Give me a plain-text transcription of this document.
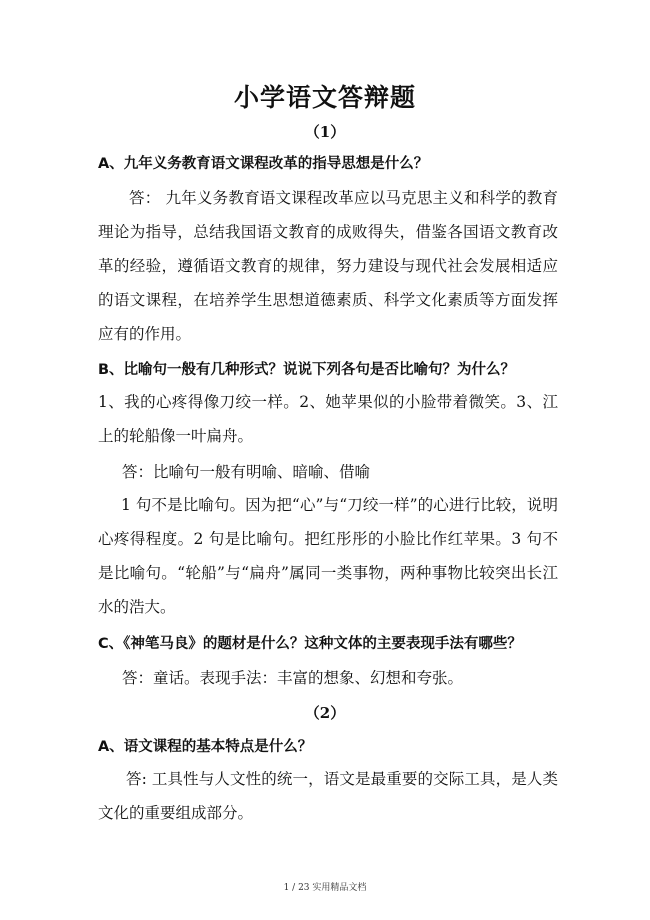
小学语文答辩题
（1）
A、九年义务教育语文课程改革的指导思想是什么？

答： 九年义务教育语文课程改革应以马克思主义和科学的教育理论为指导，总结我国语文教育的成败得失，借鉴各国语文教育改革的经验，遵循语文教育的规律，努力建设与现代社会发展相适应的语文课程，在培养学生思想道德素质、科学文化素质等方面发挥应有的作用。

B、比喻句一般有几种形式？说说下列各句是否比喻句？为什么？

1、我的心疼得像刀绞一样。2、她苹果似的小脸带着微笑。3、江上的轮船像一叶扁舟。

答：比喻句一般有明喻、暗喻、借喻

1 句不是比喻句。因为把“心”与“刀绞一样”的心进行比较，说明心疼得程度。2 句是比喻句。把红彤彤的小脸比作红苹果。3 句不是比喻句。“轮船”与“扁舟”属同一类事物，两种事物比较突出长江水的浩大。

C、《神笔马良》的题材是什么？这种文体的主要表现手法有哪些？
答：童话。表现手法：丰富的想象、幻想和夸张。
（2）
A、语文课程的基本特点是什么？

答: 工具性与人文性的统一，语文是最重要的交际工具，是人类文化的重要组成部分。

1 / 23 实用精品文档
